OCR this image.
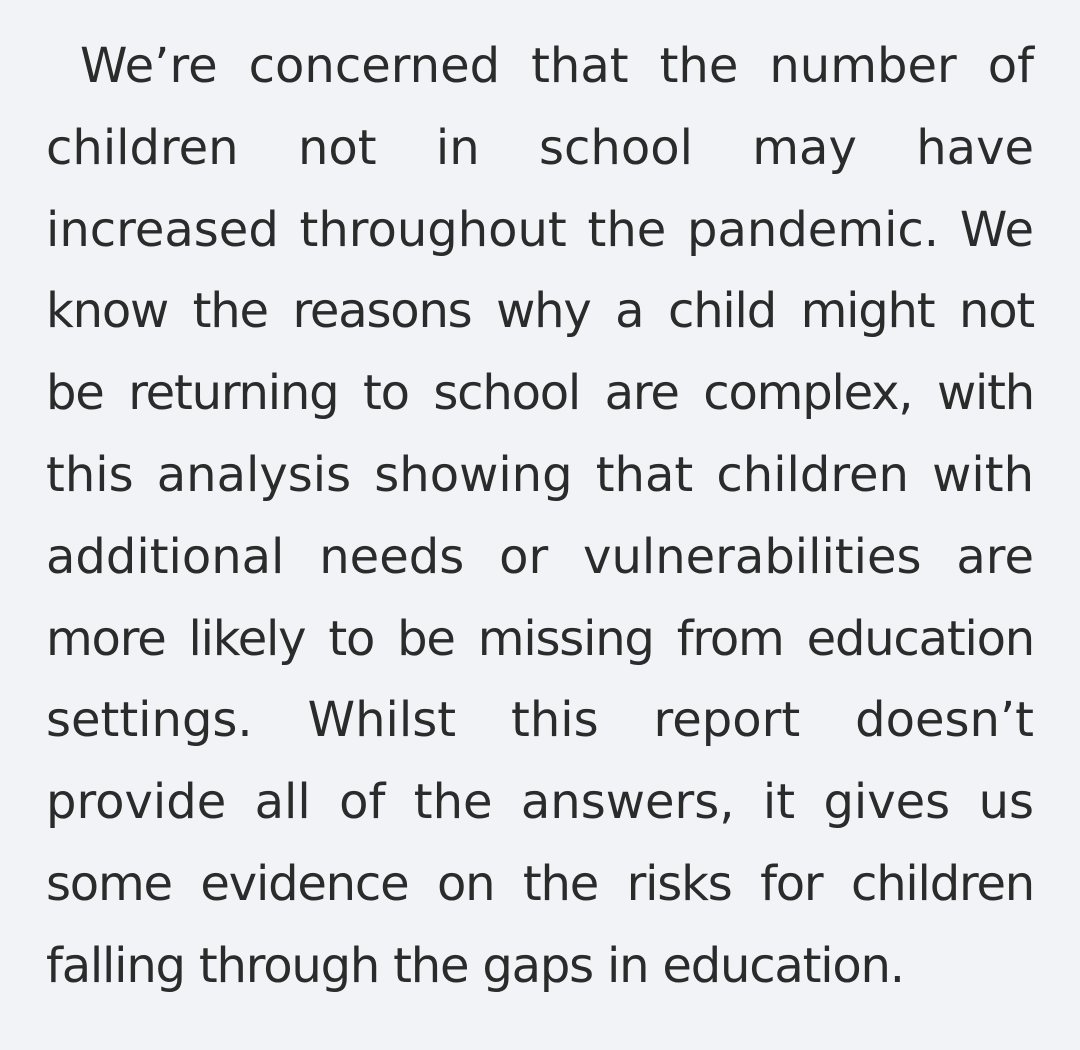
We’re concerned that the number of
children not in school may have
increased throughout the pandemic. We
know the reasons why a child might not
be returning to school are complex, with
this analysis showing that children with
additional needs or vulnerabilities are
more likely to be missing from education
settings. Whilst this report doesn’t
provide all of the answers, it gives us
some evidence on the risks for children
falling through the gaps in education.
